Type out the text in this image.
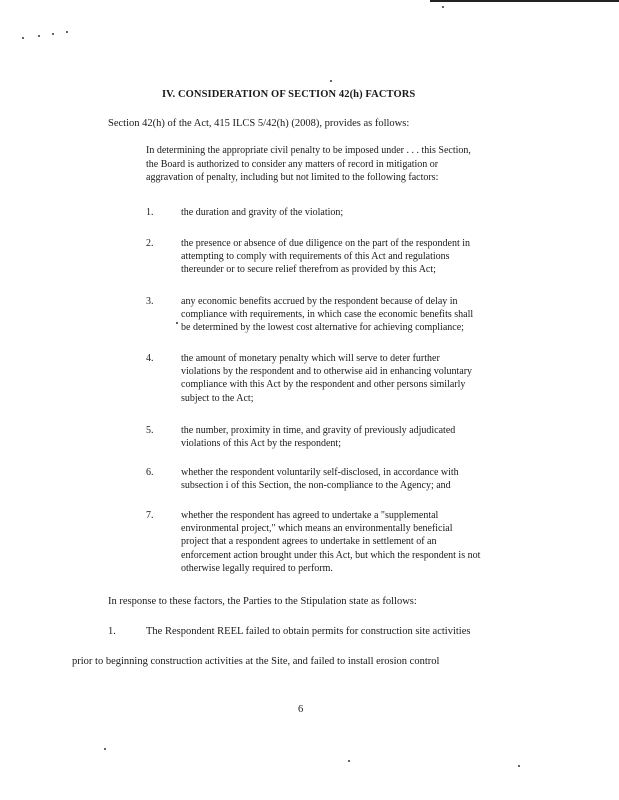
IV. CONSIDERATION OF SECTION 42(h) FACTORS
Section 42(h) of the Act, 415 ILCS 5/42(h) (2008), provides as follows:

In determining the appropriate civil penalty to be imposed under . . . this Section,

the Board is authorized to consider any matters of record in mitigation or

aggravation of penalty, including but not limited to the following factors:

1.	the duration and gravity of the violation;
2.	the presence or absence of due diligence on the part of the respondent in
attempting to comply with requirements of this Act and regulations
thereunder or to secure relief therefrom as provided by this Act;
3.	any economic benefits accrued by the respondent because of delay in
compliance with requirements, in which case the economic benefits shall
be determined by the lowest cost alternative for achieving compliance;
4.	the amount of monetary penalty which will serve to deter further
violations by the respondent and to otherwise aid in enhancing voluntary
compliance with this Act by the respondent and other persons similarly
subject to the Act;
5.	the number, proximity in time, and gravity of previously adjudicated
violations of this Act by the respondent;
6.	whether the respondent voluntarily self-disclosed, in accordance with
subsection i of this Section, the non-compliance to the Agency; and
7.	whether the respondent has agreed to undertake a "supplemental
environmental project," which means an environmentally beneficial
project that a respondent agrees to undertake in settlement of an
enforcement action brought under this Act, but which the respondent is not
otherwise legally required to perform.
In response to these factors, the Parties to the Stipulation state as follows:
1.	The Respondent REEL failed to obtain permits for construction site activities
prior to beginning construction activities at the Site, and failed to install erosion control
6
